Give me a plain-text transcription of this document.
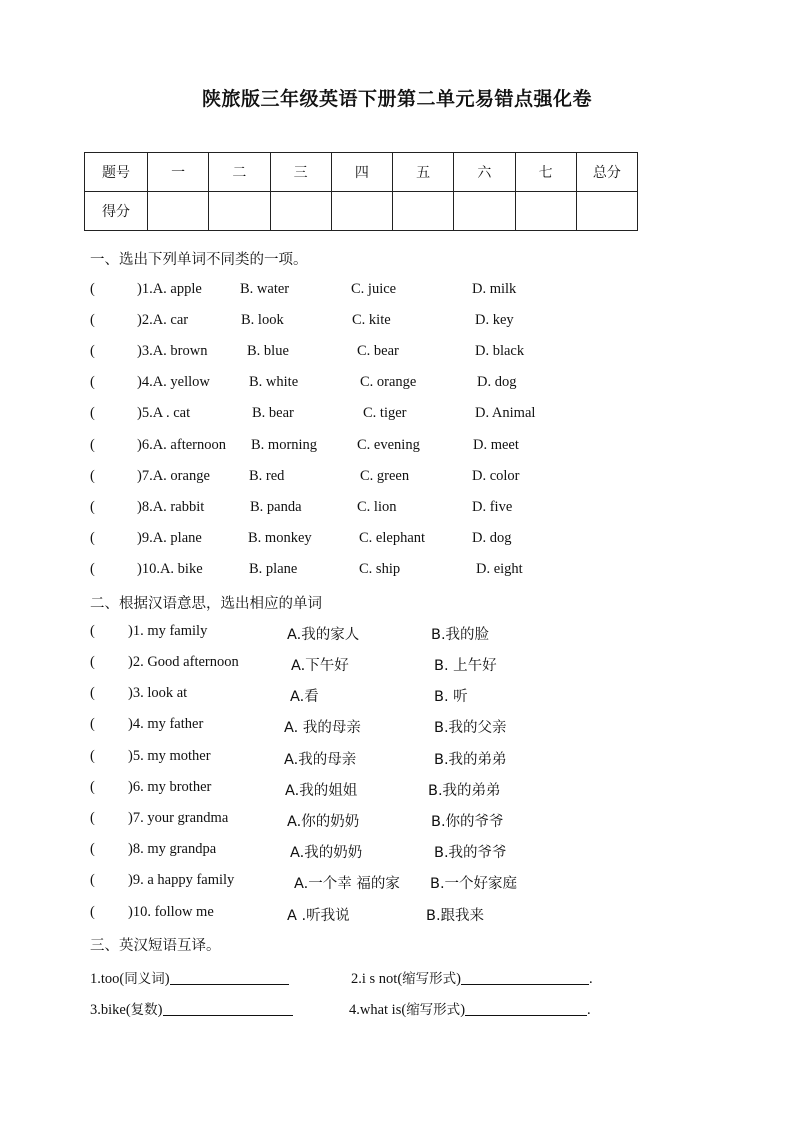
陕旅版三年级英语下册第二单元易错点强化卷
题号	一	二	三	四	五	六	七	总分
得分								
一、选出下列单词不同类的一项。
(	)1.A. apple	B. water	C. juice	D. milk
(	)2.A. car	B. look	C. kite	D. key
(	)3.A. brown	B. blue	C. bear	D. black
(	)4.A. yellow	B. white	C. orange	D. dog
(	)5.A . cat	B. bear	C. tiger	D. Animal
(	)6.A. afternoon B. morning	C. evening	D. meet
(	)7.A. orange	B. red	C. green	D. color
(	)8.A. rabbit	B. panda	C. lion	D. five
(	)9.A. plane	B. monkey	C. elephant	D. dog
(	)10.A. bike	B. plane	C. ship	D. eight
二、根据汉语意思，选出相应的单词
( )1. my family	A.我的家人	B.我的脸
( )2. Good afternoon	A.下午好	B. 上午好
( )3. look at	A.看	B. 听
( )4. my father	A. 我的母亲	B.我的父亲
( )5. my mother	A.我的母亲	B.我的弟弟
( )6. my brother	A.我的姐姐	B.我的弟弟
( )7. your grandma	A.你的奶奶	B.你的爷爷
( )8. my grandpa	A.我的奶奶	B.我的爷爷
( )9. a happy family	A.一个幸 福的家 B.一个好家庭
( )10. follow me	A .听我说	B.跟我来
三、英汉短语互译。
1.too(同义词)	2.i s not(缩写形式)	.
3.bike(复数)	4.what is(缩写形式)	.
